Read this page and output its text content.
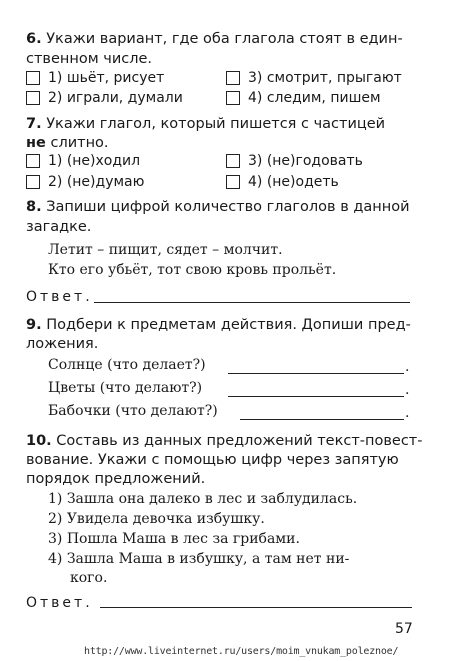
6. Укажи вариант, где оба глагола стоят в един-
ственном числе.
1) шьёт, рисует	3) смотрит, прыгают
2) играли, думали	4) следим, пишем
7. Укажи глагол, который пишется с частицей
не слитно.
1) (не)ходил	3) (не)годовать
2) (не)думаю	4) (не)одеть
8. Запиши цифрой количество глаголов в данной
загадке.
Летит – пищит, сядет – молчит.
Кто его убьёт, тот свою кровь прольёт.
Ответ.
9. Подбери к предметам действия. Допиши пред-
ложения.
Солнце (что делает?)	.
Цветы (что делают?)	.
Бабочки (что делают?)	.
10. Составь из данных предложений текст-повест-
вование. Укажи с помощью цифр через запятую
порядок предложений.
1) Зашла она далеко в лес и заблудилась.
2) Увидела девочка избушку.
3) Пошла Маша в лес за грибами.
4) Зашла Маша в избушку, а там нет ни-
кого.
Ответ.
57
http://www.liveinternet.ru/users/moim_vnukam_poleznoe/
